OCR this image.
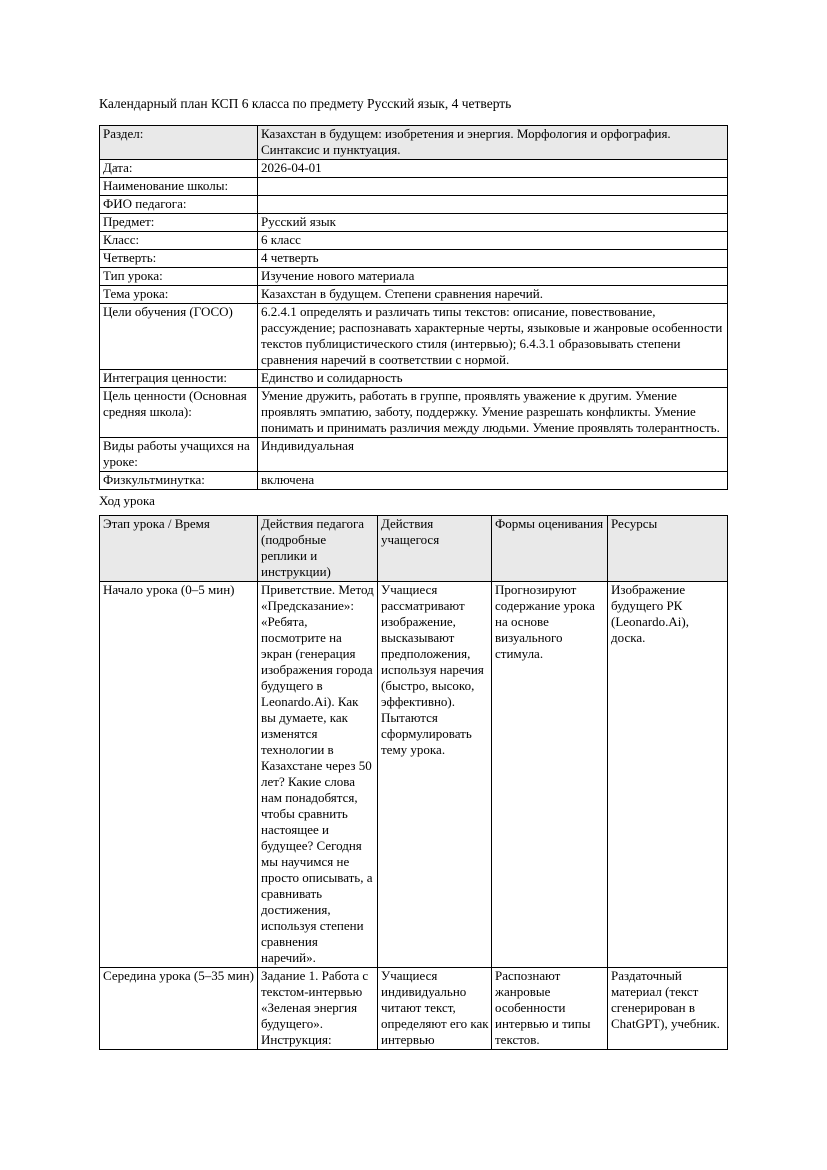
Календарный план КСП 6 класса по предмету Русский язык, 4 четверть

Раздел:	Казахстан в будущем: изобретения и энергия. Морфология и орфография. Синтаксис и пунктуация.
Дата:	2026-04-01
Наименование школы:	
ФИО педагога:	
Предмет:	Русский язык
Класс:	6 класс
Четверть:	4 четверть
Тип урока:	Изучение нового материала
Тема урока:	Казахстан в будущем. Степени сравнения наречий.
Цели обучения (ГОСО)	6.2.4.1 определять и различать типы текстов: описание, повествование, рассуждение; распознавать характерные черты, языковые и жанровые особенности текстов публицистического стиля (интервью); 6.4.3.1 образовывать степени сравнения наречий в соответствии с нормой.
Интеграция ценности:	Единство и солидарность
Цель ценности (Основная средняя школа):	Умение дружить, работать в группе, проявлять уважение к другим. Умение проявлять эмпатию, заботу, поддержку. Умение разрешать конфликты. Умение понимать и принимать различия между людьми. Умение проявлять толерантность.
Виды работы учащихся на уроке:	Индивидуальная
Физкультминутка:	включена

Ход урока

Этап урока / Время	Действия педагога (подробные реплики и инструкции)	Действия учащегося	Формы оценивания	Ресурсы
Начало урока (0–5 мин)	Приветствие. Метод «Предсказание»: «Ребята, посмотрите на экран (генерация изображения города будущего в Leonardo.Ai). Как вы думаете, как изменятся технологии в Казахстане через 50 лет? Какие слова нам понадобятся, чтобы сравнить настоящее и будущее? Сегодня мы научимся не просто описывать, а сравнивать достижения, используя степени сравнения наречий».	Учащиеся рассматривают изображение, высказывают предположения, используя наречия (быстро, высоко, эффективно). Пытаются сформулировать тему урока.	Прогнозируют содержание урока на основе визуального стимула.	Изображение будущего РК (Leonardo.Ai), доска.
Середина урока (5–35 мин)	Задание 1. Работа с текстом-интервью «Зеленая энергия будущего». Инструкция:	Учащиеся индивидуально читают текст, определяют его как интервью	Распознают жанровые особенности интервью и типы текстов.	Раздаточный материал (текст сгенерирован в ChatGPT), учебник.
